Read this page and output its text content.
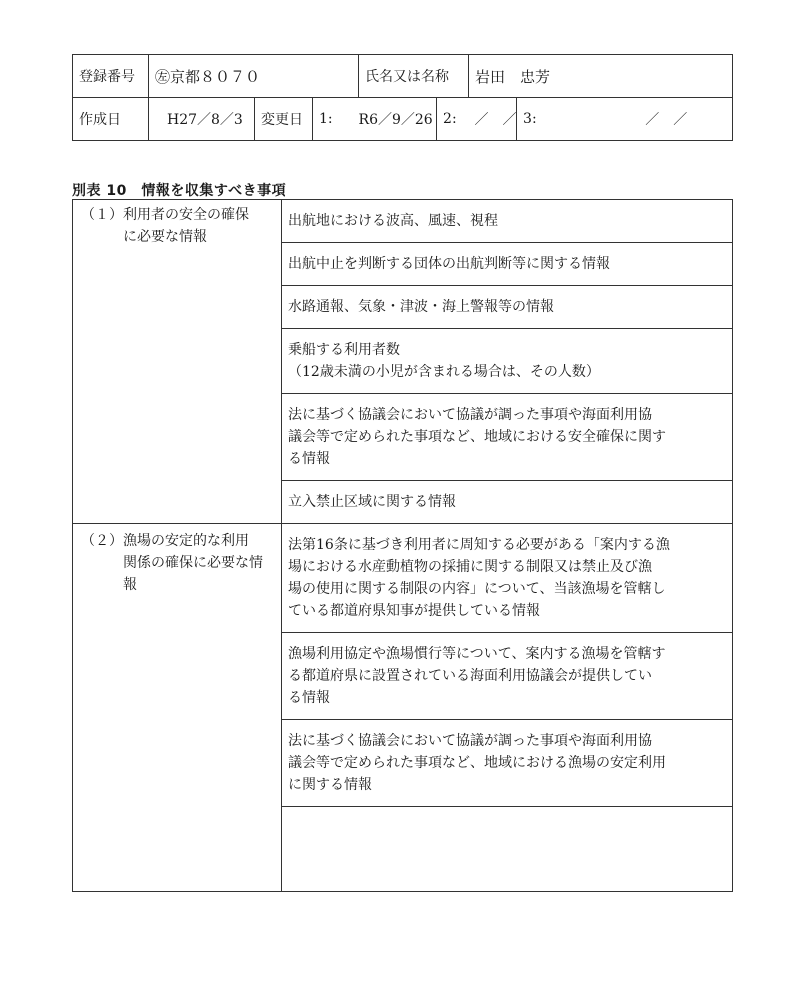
登録番号	㊧京都８０７０			氏名又は名称		岩田　忠芳		
作成日	H27／8／3	変更日	1:	R6／9／26	2:	／　／	3:	／　／
別表 10　情報を収集すべき事項
（１）利用者の安全の確保
に必要な情報	出航地における波高、風速、視程
	出航中止を判断する団体の出航判断等に関する情報
	水路通報、気象・津波・海上警報等の情報

	乗船する利用者数
（12歳未満の小児が含まれる場合は、その人数）

	法に基づく協議会において協議が調った事項や海面利用協
議会等で定められた事項など、地域における安全確保に関す
る情報

	立入禁止区域に関する情報

（２）漁場の安定的な利用
関係の確保に必要な情
報	法第16条に基づき利用者に周知する必要がある「案内する漁
場における水産動植物の採捕に関する制限又は禁止及び漁
場の使用に関する制限の内容」について、当該漁場を管轄し
ている都道府県知事が提供している情報

	漁場利用協定や漁場慣行等について、案内する漁場を管轄す
る都道府県に設置されている海面利用協議会が提供してい
る情報

	法に基づく協議会において協議が調った事項や海面利用協
議会等で定められた事項など、地域における漁場の安定利用
に関する情報
